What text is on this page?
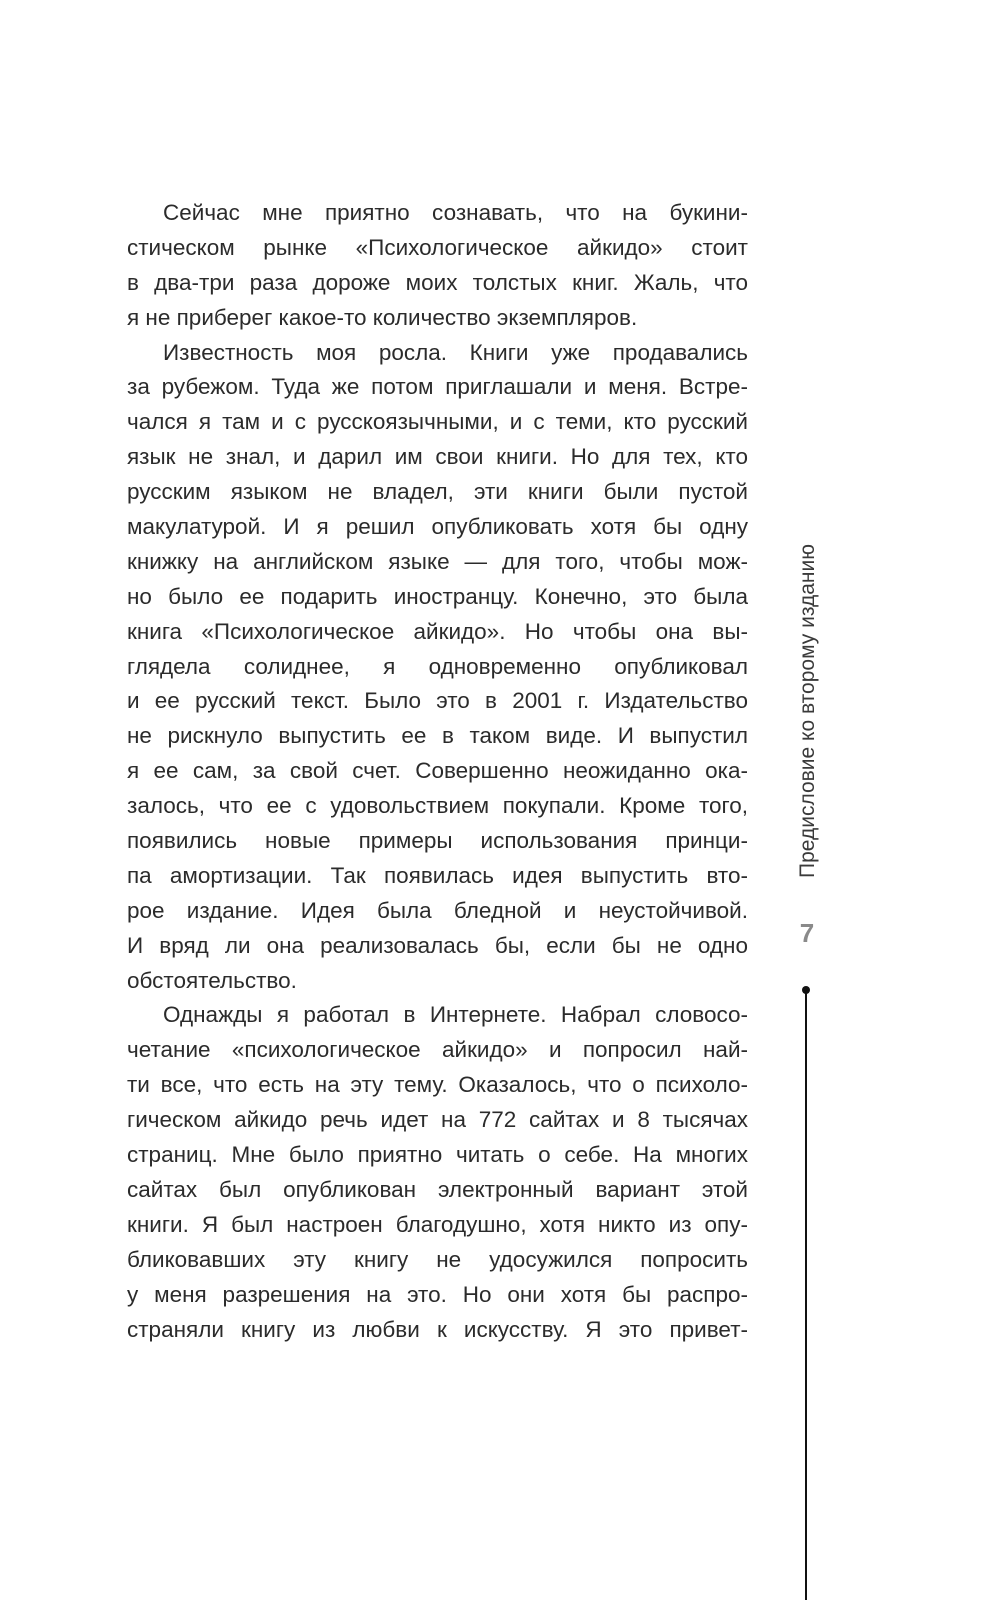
Сейчас мне приятно сознавать, что на букини-
стическом рынке «Психологическое айкидо» стоит
в два-три раза дороже моих толстых книг. Жаль, что
я не приберег какое-то количество экземпляров.
Известность моя росла. Книги уже продавались
за рубежом. Туда же потом приглашали и меня. Встре-
чался я там и с русскоязычными, и с теми, кто русский
язык не знал, и дарил им свои книги. Но для тех, кто
русским языком не владел, эти книги были пустой
макулатурой. И я решил опубликовать хотя бы одну
книжку на английском языке — для того, чтобы мож-
но было ее подарить иностранцу. Конечно, это была
книга «Психологическое айкидо». Но чтобы она вы-
глядела солиднее, я одновременно опубликовал
и ее русский текст. Было это в 2001 г. Издательство
не рискнуло выпустить ее в таком виде. И выпустил
я ее сам, за свой счет. Совершенно неожиданно ока-
залось, что ее с удовольствием покупали. Кроме того,
появились новые примеры использования принци-
па амортизации. Так появилась идея выпустить вто-
рое издание. Идея была бледной и неустойчивой.
И вряд ли она реализовалась бы, если бы не одно
обстоятельство.
Однажды я работал в Интернете. Набрал словосо-
четание «психологическое айкидо» и попросил най-
ти все, что есть на эту тему. Оказалось, что о психоло-
гическом айкидо речь идет на 772 сайтах и 8 тысячах
страниц. Мне было приятно читать о себе. На многих
сайтах был опубликован электронный вариант этой
книги. Я был настроен благодушно, хотя никто из опу-
бликовавших эту книгу не удосужился попросить
у меня разрешения на это. Но они хотя бы распро-
страняли книгу из любви к искусству. Я это привет-
Предисловие ко второму изданию
7
